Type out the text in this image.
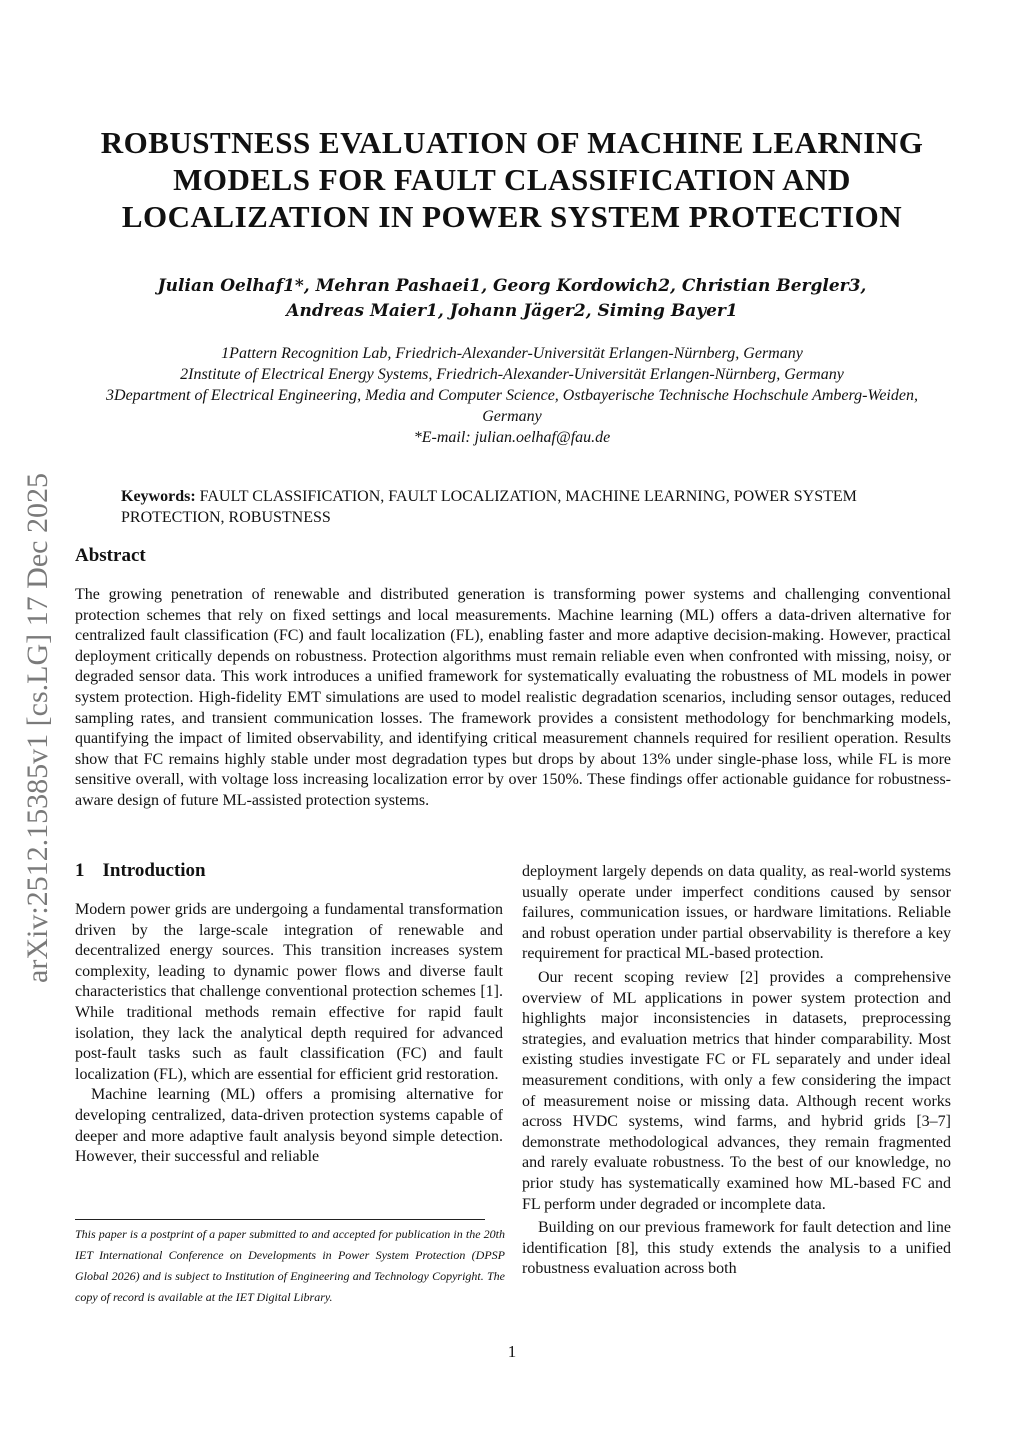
arXiv:2512.15385v1 [cs.LG] 17 Dec 2025
ROBUSTNESS EVALUATION OF MACHINE LEARNING MODELS FOR FAULT CLASSIFICATION AND LOCALIZATION IN POWER SYSTEM PROTECTION
Julian Oelhaf1*, Mehran Pashaei1, Georg Kordowich2, Christian Bergler3,
Andreas Maier1, Johann Jäger2, Siming Bayer1
1Pattern Recognition Lab, Friedrich-Alexander-Universität Erlangen-Nürnberg, Germany
2Institute of Electrical Energy Systems, Friedrich-Alexander-Universität Erlangen-Nürnberg, Germany
3Department of Electrical Engineering, Media and Computer Science, Ostbayerische Technische Hochschule Amberg-Weiden, Germany
*E-mail: julian.oelhaf@fau.de
Keywords: FAULT CLASSIFICATION, FAULT LOCALIZATION, MACHINE LEARNING, POWER SYSTEM PROTECTION, ROBUSTNESS
Abstract

The growing penetration of renewable and distributed generation is transforming power systems and challenging conventional protection schemes that rely on fixed settings and local measurements. Machine learning (ML) offers a data-driven alternative for centralized fault classification (FC) and fault localization (FL), enabling faster and more adaptive decision-making. However, practical deployment critically depends on robustness. Protection algorithms must remain reliable even when confronted with missing, noisy, or degraded sensor data. This work introduces a unified framework for systematically evaluating the robustness of ML models in power system protection. High-fidelity EMT simulations are used to model realistic degradation scenarios, including sensor outages, reduced sampling rates, and transient communication losses. The framework provides a consistent methodology for benchmarking models, quantifying the impact of limited observability, and identifying critical measurement channels required for resilient operation. Results show that FC remains highly stable under most degradation types but drops by about 13% under single-phase loss, while FL is more sensitive overall, with voltage loss increasing localization error by over 150%. These findings offer actionable guidance for robustness-aware design of future ML-assisted protection systems.

1 Introduction

Modern power grids are undergoing a fundamental transformation driven by the large-scale integration of renewable and decentralized energy sources. This transition increases system complexity, leading to dynamic power flows and diverse fault characteristics that challenge conventional protection schemes [1]. While traditional methods remain effective for rapid fault isolation, they lack the analytical depth required for advanced post-fault tasks such as fault classification (FC) and fault localization (FL), which are essential for efficient grid restoration.

Machine learning (ML) offers a promising alternative for developing centralized, data-driven protection systems capable of deeper and more adaptive fault analysis beyond simple detection. However, their successful and reliable

deployment largely depends on data quality, as real-world systems usually operate under imperfect conditions caused by sensor failures, communication issues, or hardware limitations. Reliable and robust operation under partial observability is therefore a key requirement for practical ML-based protection.

Our recent scoping review [2] provides a comprehensive overview of ML applications in power system protection and highlights major inconsistencies in datasets, preprocessing strategies, and evaluation metrics that hinder comparability. Most existing studies investigate FC or FL separately and under ideal measurement conditions, with only a few considering the impact of measurement noise or missing data. Although recent works across HVDC systems, wind farms, and hybrid grids [3–7] demonstrate methodological advances, they remain fragmented and rarely evaluate robustness. To the best of our knowledge, no prior study has systematically examined how ML-based FC and FL perform under degraded or incomplete data.

Building on our previous framework for fault detection and line identification [8], this study extends the analysis to a unified robustness evaluation across both

This paper is a postprint of a paper submitted to and accepted for publication in the 20th IET International Conference on Developments in Power System Protection (DPSP Global 2026) and is subject to Institution of Engineering and Technology Copyright. The copy of record is available at the IET Digital Library.

1
